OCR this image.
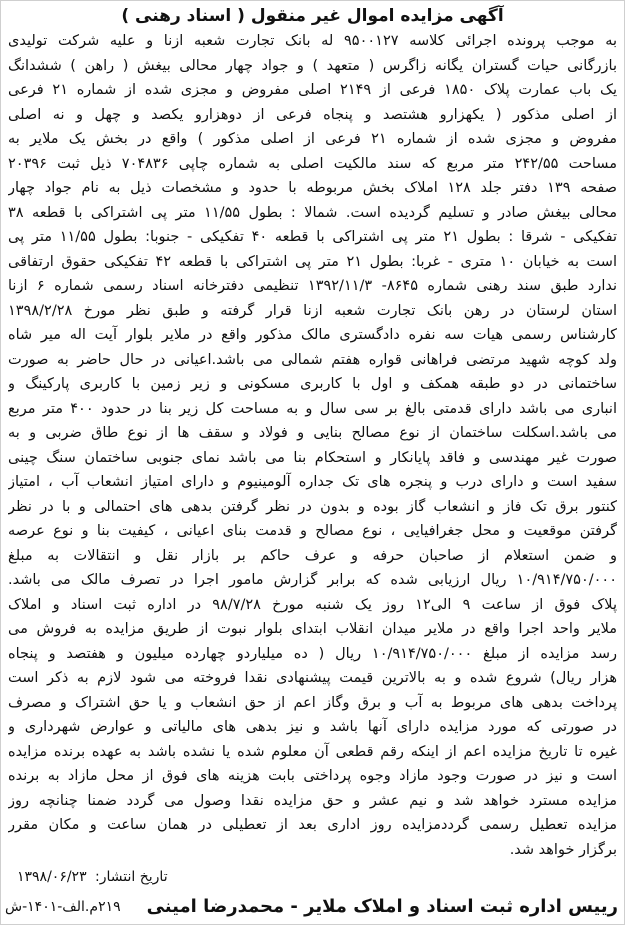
آگهی مزایده اموال غیر منقول ( اسناد رهنی )
به موجب پرونده اجرائی کلاسه ۹۵۰۰۱۲۷ له بانک تجارت شعبه ازنا و علیه شرکت تولیدی
بازرگانی حیات گستران یگانه زاگرس ( متعهد ) و جواد چهار محالی بیغش ( راهن ) ششدانگ
یک باب عمارت پلاک ۱۸۵۰ فرعی از ۲۱۴۹ اصلی مفروض و مجزی شده از شماره ۲۱ فرعی
از اصلی مذکور ( یکهزارو هشتصد و پنجاه فرعی از دوهزارو یکصد و چهل و نه اصلی
مفروض و مجزی شده از شماره ۲۱ فرعی از اصلی مذکور ) واقع در بخش یک ملایر به
مساحت ۲۴۲/۵۵ متر مربع که سند مالکیت اصلی به شماره چاپی ۷۰۴۸۳۶ ذیل ثبت ۲۰۳۹۶
صفحه ۱۳۹ دفتر جلد ۱۲۸ املاک بخش مربوطه با حدود و مشخصات ذیل به نام جواد چهار
محالی بیغش صادر و تسلیم گردیده است. شمالا : بطول ۱۱/۵۵ متر پی اشتراکی با قطعه ۳۸
تفکیکی - شرقا : بطول ۲۱ متر پی اشتراکی با قطعه ۴۰ تفکیکی - جنوبا: بطول ۱۱/۵۵ متر پی
است به خیابان ۱۰ متری - غربا: بطول ۲۱ متر پی اشتراکی با قطعه ۴۲ تفکیکی حقوق ارتفاقی
ندارد طبق سند رهنی شماره ۸۶۴۵- ۱۳۹۲/۱۱/۳ تنظیمی دفترخانه اسناد رسمی شماره ۶ ازنا
استان لرستان در رهن بانک تجارت شعبه ازنا قرار گرفته و طبق نظر مورخ ۱۳۹۸/۲/۲۸
کارشناس رسمی هیات سه نفره دادگستری مالک مذکور واقع در ملایر بلوار آیت اله میر شاه
ولد کوچه شهید مرتضی فراهانی قواره هفتم شمالی می باشد.اعیانی در حال حاضر به صورت
ساختمانی در دو طبقه همکف و اول با کاربری مسکونی و زیر زمین با کاربری پارکینگ و
انباری می باشد دارای قدمتی بالغ بر سی سال و به مساحت کل زیر بنا در حدود ۴۰۰ متر مربع
می باشد.اسکلت ساختمان از نوع مصالح بنایی و فولاد و سقف ها از نوع طاق ضربی و به
صورت غیر مهندسی و فاقد پایانکار و استحکام بنا می باشد نمای جنوبی ساختمان سنگ چینی
سفید است و دارای درب و پنجره های تک جداره آلومینیوم و دارای امتیاز انشعاب آب ، امتیاز
کنتور برق تک فاز و انشعاب گاز بوده و بدون در نظر گرفتن بدهی های احتمالی و با در نظر
گرفتن موقعیت و محل جغرافیایی ، نوع مصالح و قدمت بنای اعیانی ، کیفیت بنا و نوع عرصه
و ضمن استعلام از صاحبان حرفه و عرف حاکم بر بازار نقل و انتقالات به مبلغ
۱۰/۹۱۴/۷۵۰/۰۰۰ ریال ارزیابی شده که برابر گزارش مامور اجرا در تصرف مالک می باشد.
پلاک فوق از ساعت ۹ الی۱۲ روز یک شنبه مورخ ۹۸/۷/۲۸ در اداره ثبت اسناد و املاک
ملایر واحد اجرا واقع در ملایر میدان انقلاب ابتدای بلوار نبوت از طریق مزایده به فروش می
رسد مزایده از مبلغ ۱۰/۹۱۴/۷۵۰/۰۰۰ ریال ( ده میلیاردو چهارده میلیون و هفتصد و پنجاه
هزار ریال) شروع شده و به بالاترین قیمت پیشنهادی نقدا فروخته می شود لازم به ذکر است
پرداخت بدهی های مربوط به آب و برق وگاز اعم از حق انشعاب و یا حق اشتراک و مصرف
در صورتی که مورد مزایده دارای آنها باشد و نیز بدهی های مالیاتی و عوارض شهرداری و
غیره تا تاریخ مزایده اعم از اینکه رقم قطعی آن معلوم شده یا نشده باشد به عهده برنده مزایده
است و نیز در صورت وجود مازاد وجوه پرداختی بابت هزینه های فوق از محل مازاد به برنده
مزایده مسترد خواهد شد و نیم عشر و حق مزایده نقدا وصول می گردد ضمنا چنانچه روز
مزایده تعطیل رسمی گرددمزایده روز اداری بعد از تعطیلی در همان ساعت و مکان مقرر
برگزار خواهد شد.
تاریخ انتشار: ۱۳۹۸/۰۶/۲۳
۲۱۹م.الف-۱۴۰۱-ش	رییس اداره ثبت اسناد و املاک ملایر - محمدرضا امینی
